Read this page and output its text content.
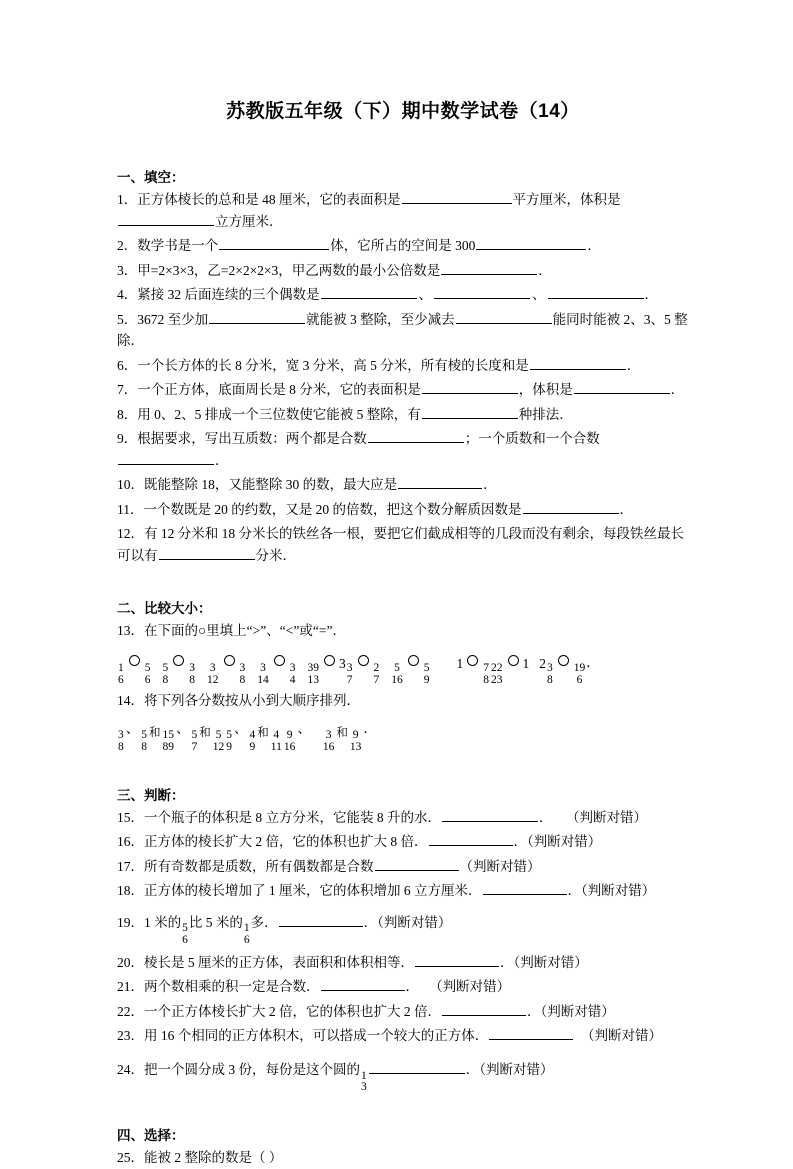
苏教版五年级（下）期中数学试卷（14）
一、填空：

1．正方体棱长的总和是 48 厘米，它的表面积是	平方厘米，体积是立方厘米．

2．数学书是一个	体，它所占的空间是 300	．

3．甲=2×3×3，乙=2×2×2×3，甲乙两数的最小公倍数是	．

4．紧接 32 后面连续的三个偶数是	、	、	．

5．3672 至少加	就能被 3 整除，至少减去	能同时能被 2、3、5 整除．

6．一个长方体的长 8 分米，宽 3 分米，高 5 分米，所有棱的长度和是	．

7．一个正方体，底面周长是 8 分米，它的表面积是	，体积是	．

8．用 0、2、5 排成一个三位数使它能被 5 整除，有	种排法．

9．根据要求，写出互质数：两个都是合数	；一个质数和一个合数．

10．既能整除 18，又能整除 30 的数，最大应是	．

11．一个数既是 20 的约数，又是 20 的倍数，把这个数分解质因数是	．

12．有 12 分米和 18 分米长的铁丝各一根，要把它们截成相等的几段而没有剩余，每段铁丝最长可以有	分米．

二、比较大小：

13．在下面的○里填上“>”、“<”或“=”．

1
6
5
6
5
8
3
8
3
12
3
8
3
14
3
4
39
13
3 3
7
2
7
5
16
5
9
1 7
8
22
23
1 2 3
8
19
6
．

14．将下列各分数按从小到大顺序排列．

3
8
、 5
8
和 15
89
、 5
7
和 5
12
5
9
、 4
9
和 4
11
9
16
、 3
16
和 9
13
．
三、判断：

15．一个瓶子的体积是 8 立方分米，它能装 8 升的水．	． （判断对错）

16．正方体的棱长扩大 2 倍，它的体积也扩大 8 倍．	．（判断对错）

17．所有奇数都是质数，所有偶数都是合数	（判断对错）

18．正方体的棱长增加了 1 厘米，它的体积增加 6 立方厘米．	．（判断对错）

19．1 米的 5
6
比 5 米的 1
6
多．	．（判断对错）

20．棱长是 5 厘米的正方体，表面积和体积相等．	．（判断对错）

21．两个数相乘的积一定是合数．	． （判断对错）

22．一个正方体棱长扩大 2 倍，它的体积也扩大 2 倍．	．（判断对错）

23．用 16 个相同的正方体积木，可以搭成一个较大的正方体．	（判断对错）

24．把一个圆分成 3 份，每份是这个圆的 1
3
．（判断对错）

四、选择：

25．能被 2 整除的数是（ ）
